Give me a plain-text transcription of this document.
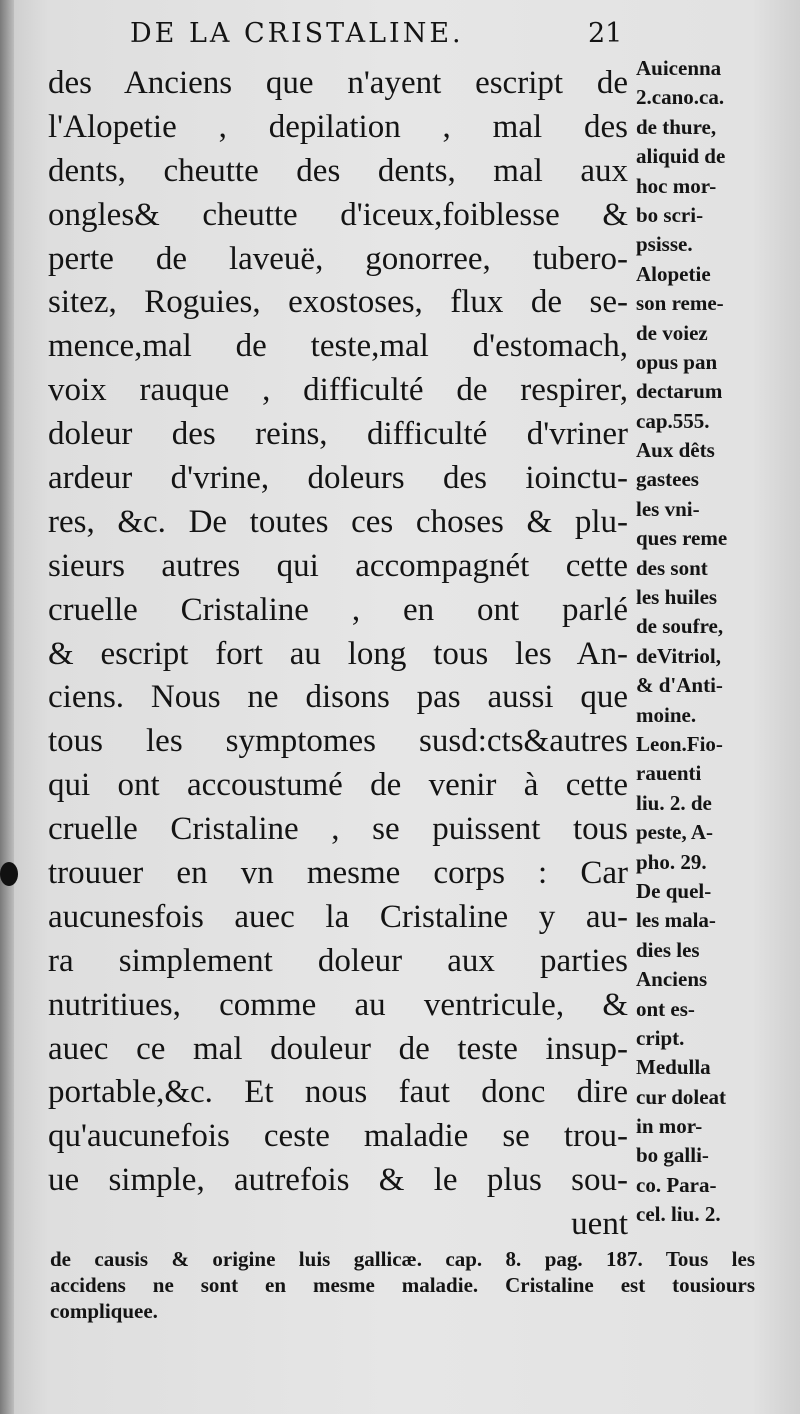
DE LA CRISTALINE.	21
des Anciens que n'ayent escript de
l'Alopetie , depilation , mal des
dents, cheutte des dents, mal aux
ongles& cheutte d'iceux,foiblesse &
perte de laveuë, gonorree, tubero-
sitez, Roguies, exostoses, flux de se-
mence,mal de teste,mal d'estomach,
voix rauque , difficulté de respirer,
doleur des reins, difficulté d'vriner
ardeur d'vrine, doleurs des ioinctu-
res, &c. De toutes ces choses & plu-
sieurs autres qui accompagnét cette
cruelle Cristaline , en ont parlé
& escript fort au long tous les An-
ciens. Nous ne disons pas aussi que
tous les symptomes susd:cts&autres
qui ont accoustumé de venir à cette
cruelle Cristaline , se puissent tous
trouuer en vn mesme corps : Car
aucunesfois auec la Cristaline y au-
ra simplement doleur aux parties
nutritiues, comme au ventricule, &
auec ce mal douleur de teste insup-
portable,&c. Et nous faut donc dire
qu'aucunefois ceste maladie se trou-
ue simple, autrefois & le plus sou-
uent
Auicenna
2.cano.ca.
de thure,
aliquid de
hoc mor-
bo scri-
psisse.
Alopetie
son reme-
de voiez
opus pan
dectarum
cap.555.
Aux dêts
gastees
les vni-
ques reme
des sont
les huiles
de soufre,
deVitriol,
& d'Anti-
moine.
Leon.Fio-
rauenti
liu. 2. de
peste, A-
pho. 29.
De quel-
les mala-
dies les
Anciens
ont es-
cript.
Medulla
cur doleat
in mor-
bo galli-
co. Para-
cel. liu. 2.
de causis & origine luis gallicæ. cap. 8. pag. 187. Tous les
accidens ne sont en mesme maladie. Cristaline est tousiours
compliquee.
